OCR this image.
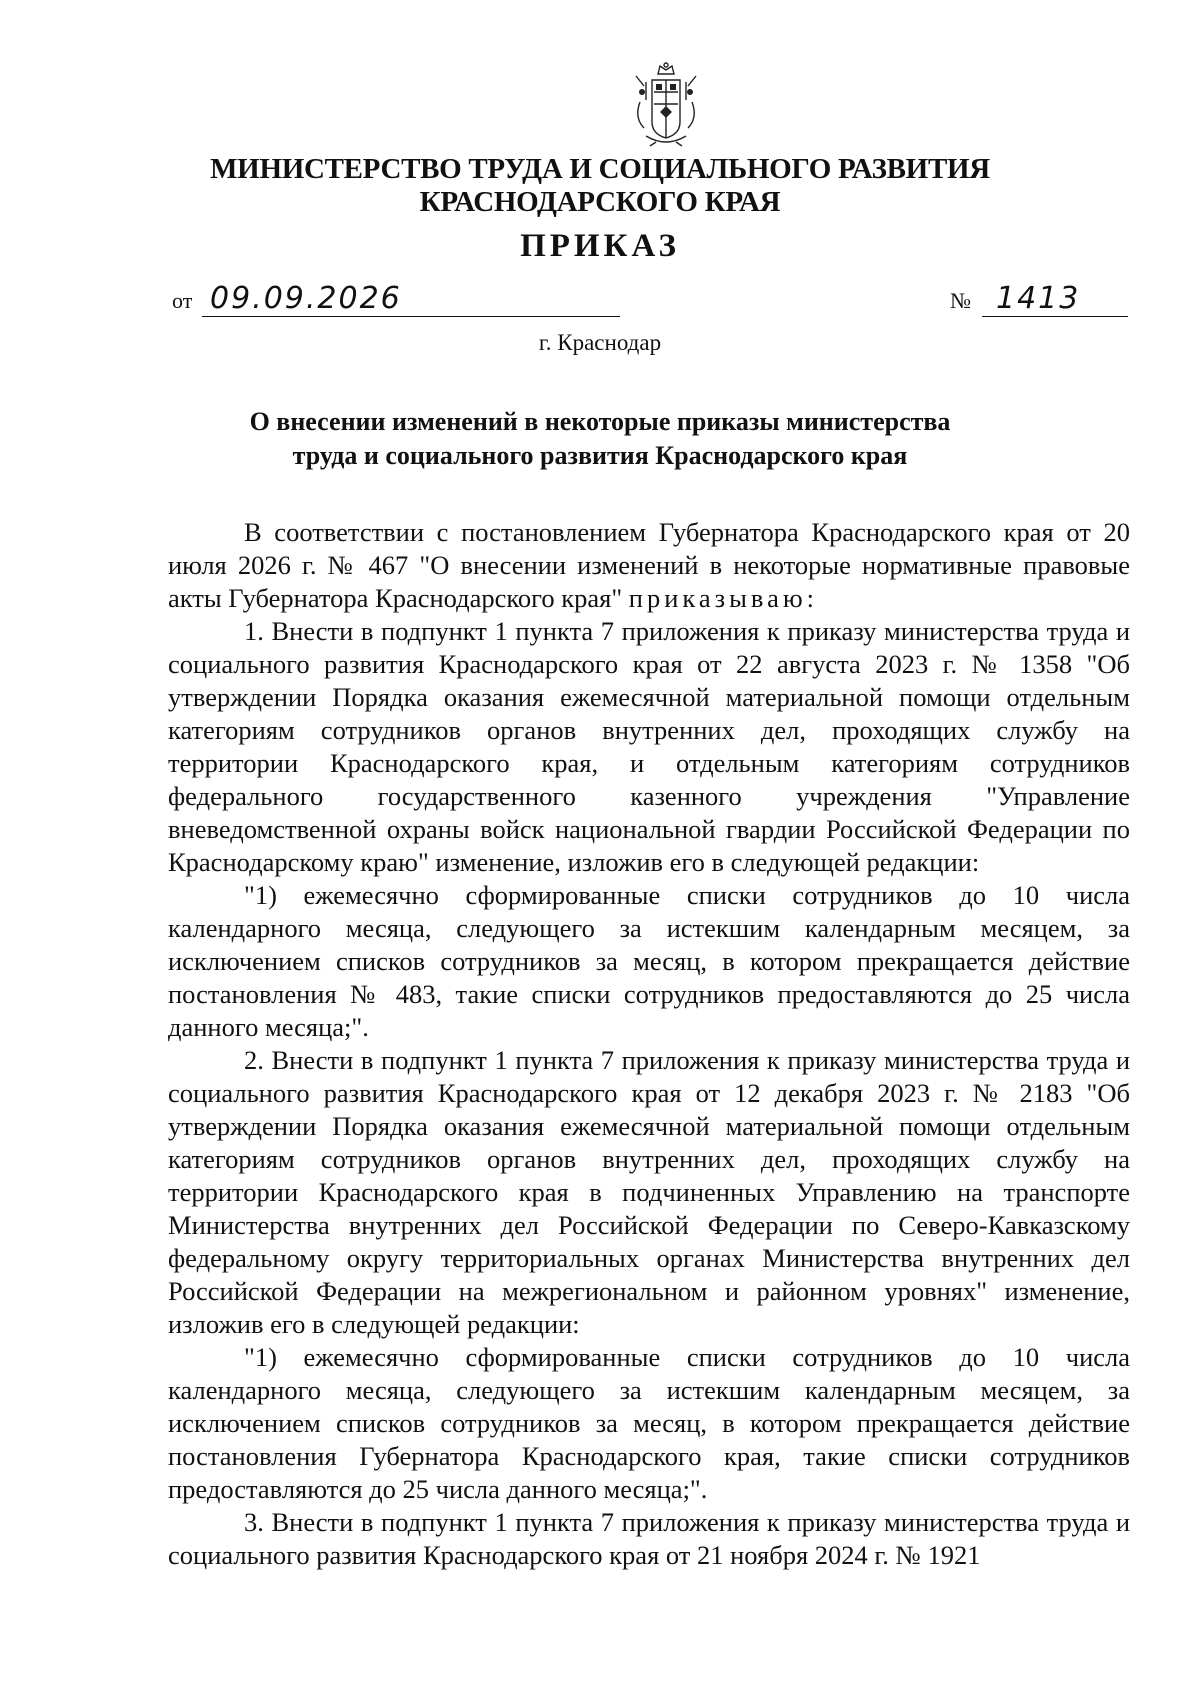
МИНИСТЕРСТВО ТРУДА И СОЦИАЛЬНОГО РАЗВИТИЯ
КРАСНОДАРСКОГО КРАЯ
ПРИКАЗ
от 09.09.2026	№ 1413
г. Краснодар
О внесении изменений в некоторые приказы министерства
труда и социального развития Краснодарского края

В соответствии с постановлением Губернатора Краснодарского края от 20 июля 2026 г. № 467 "О внесении изменений в некоторые нормативные правовые акты Губернатора Краснодарского края" приказываю:

1. Внести в подпункт 1 пункта 7 приложения к приказу министерства труда и социального развития Краснодарского края от 22 августа 2023 г. № 1358 "Об утверждении Порядка оказания ежемесячной материальной помощи отдельным категориям сотрудников органов внутренних дел, проходящих службу на территории Краснодарского края, и отдельным категориям сотрудников федерального государственного казенного учреждения "Управление вневедомственной охраны войск национальной гвардии Российской Федерации по Краснодарскому краю" изменение, изложив его в следующей редакции:

"1) ежемесячно сформированные списки сотрудников до 10 числа календарного месяца, следующего за истекшим календарным месяцем, за исключением списков сотрудников за месяц, в котором прекращается действие постановления № 483, такие списки сотрудников предоставляются до 25 числа данного месяца;".

2. Внести в подпункт 1 пункта 7 приложения к приказу министерства труда и социального развития Краснодарского края от 12 декабря 2023 г. № 2183 "Об утверждении Порядка оказания ежемесячной материальной помощи отдельным категориям сотрудников органов внутренних дел, проходящих службу на территории Краснодарского края в подчиненных Управлению на транспорте Министерства внутренних дел Российской Федерации по Северо-Кавказскому федеральному округу территориальных органах Министерства внутренних дел Российской Федерации на межрегиональном и районном уровнях" изменение, изложив его в следующей редакции:

"1) ежемесячно сформированные списки сотрудников до 10 числа календарного месяца, следующего за истекшим календарным месяцем, за исключением списков сотрудников за месяц, в котором прекращается действие постановления Губернатора Краснодарского края, такие списки сотрудников предоставляются до 25 числа данного месяца;".

3. Внести в подпункт 1 пункта 7 приложения к приказу министерства труда и социального развития Краснодарского края от 21 ноября 2024 г. № 1921
